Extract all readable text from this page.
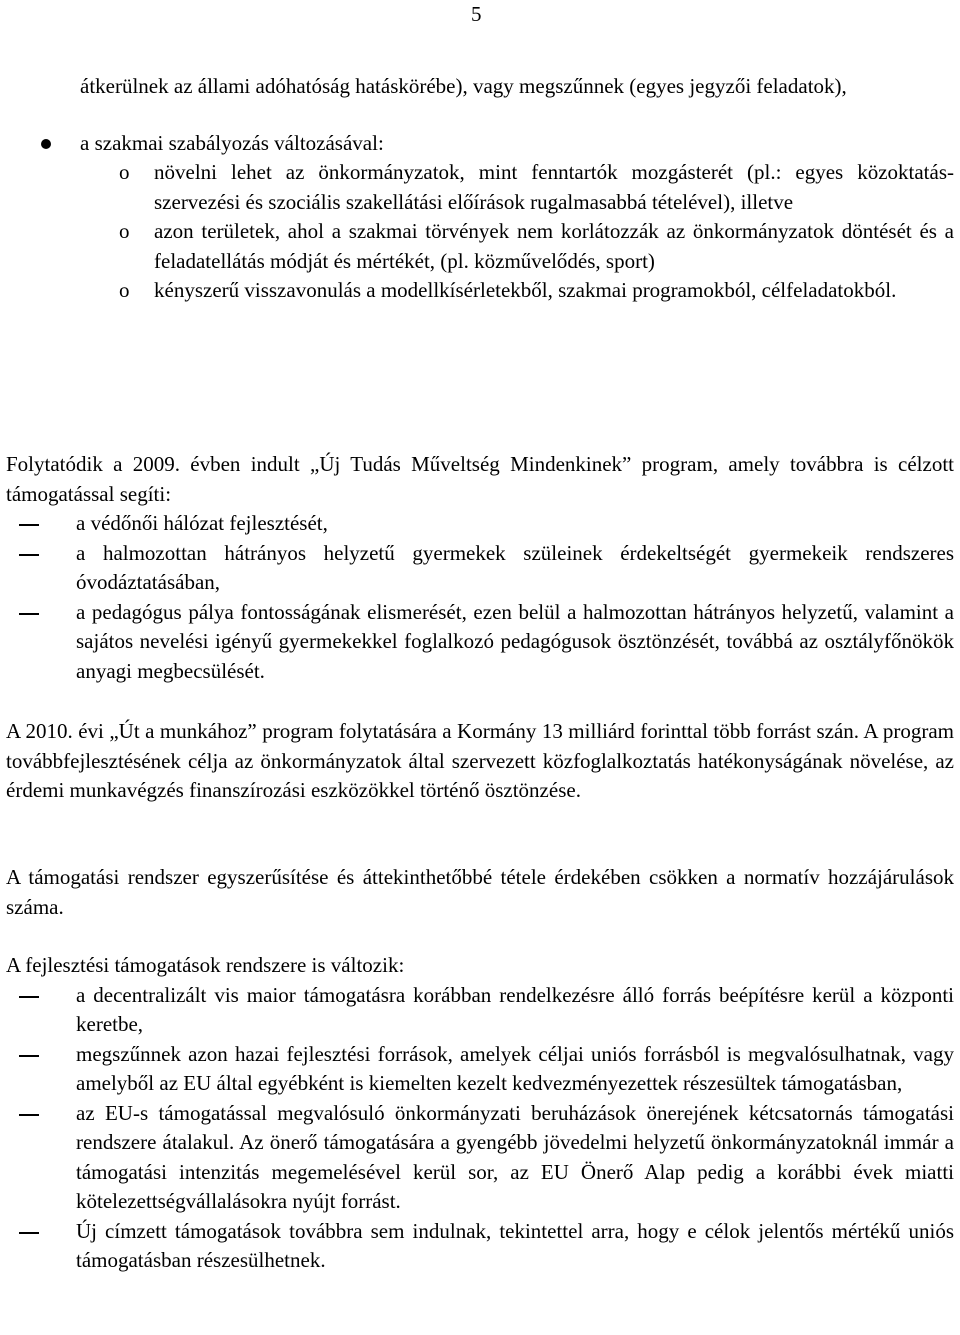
5

átkerülnek az állami adóhatóság hatáskörébe), vagy megszűnnek (egyes jegyzői feladatok),

a szakmai szabályozás változásával:
o növelni lehet az önkormányzatok, mint fenntartók mozgásterét (pl.: egyes közoktatás-szervezési és szociális szakellátási előírások rugalmasabbá tételével), illetve
o azon területek, ahol a szakmai törvények nem korlátozzák az önkormányzatok döntését és a feladatellátás módját és mértékét, (pl. közművelődés, sport)
o kényszerű visszavonulás a modellkísérletekből, szakmai programokból, célfeladatokból.

Folytatódik a 2009. évben indult „Új Tudás Műveltség Mindenkinek” program, amely továbbra is célzott támogatással segíti:

a védőnői hálózat fejlesztését,
a halmozottan hátrányos helyzetű gyermekek szüleinek érdekeltségét gyermekeik rendszeres óvodáztatásában,
a pedagógus pálya fontosságának elismerését, ezen belül a halmozottan hátrányos helyzetű, valamint a sajátos nevelési igényű gyermekekkel foglalkozó pedagógusok ösztönzését, továbbá az osztályfőnökök anyagi megbecsülését.

A 2010. évi „Út a munkához” program folytatására a Kormány 13 milliárd forinttal több forrást szán. A program továbbfejlesztésének célja az önkormányzatok által szervezett közfoglalkoztatás hatékonyságának növelése, az érdemi munkavégzés finanszírozási eszközökkel történő ösztönzése.

A támogatási rendszer egyszerűsítése és áttekinthetőbbé tétele érdekében csökken a normatív hozzájárulások száma.

A fejlesztési támogatások rendszere is változik:

a decentralizált vis maior támogatásra korábban rendelkezésre álló forrás beépítésre kerül a központi keretbe,
megszűnnek azon hazai fejlesztési források, amelyek céljai uniós forrásból is megvalósulhatnak, vagy amelyből az EU által egyébként is kiemelten kezelt kedvezményezettek részesültek támogatásban,
az EU-s támogatással megvalósuló önkormányzati beruházások önerejének kétcsatornás támogatási rendszere átalakul. Az önerő támogatására a gyengébb jövedelmi helyzetű önkormányzatoknál immár a támogatási intenzitás megemelésével kerül sor, az EU Önerő Alap pedig a korábbi évek miatti kötelezettségvállalásokra nyújt forrást.
Új címzett támogatások továbbra sem indulnak, tekintettel arra, hogy e célok jelentős mértékű uniós támogatásban részesülhetnek.
